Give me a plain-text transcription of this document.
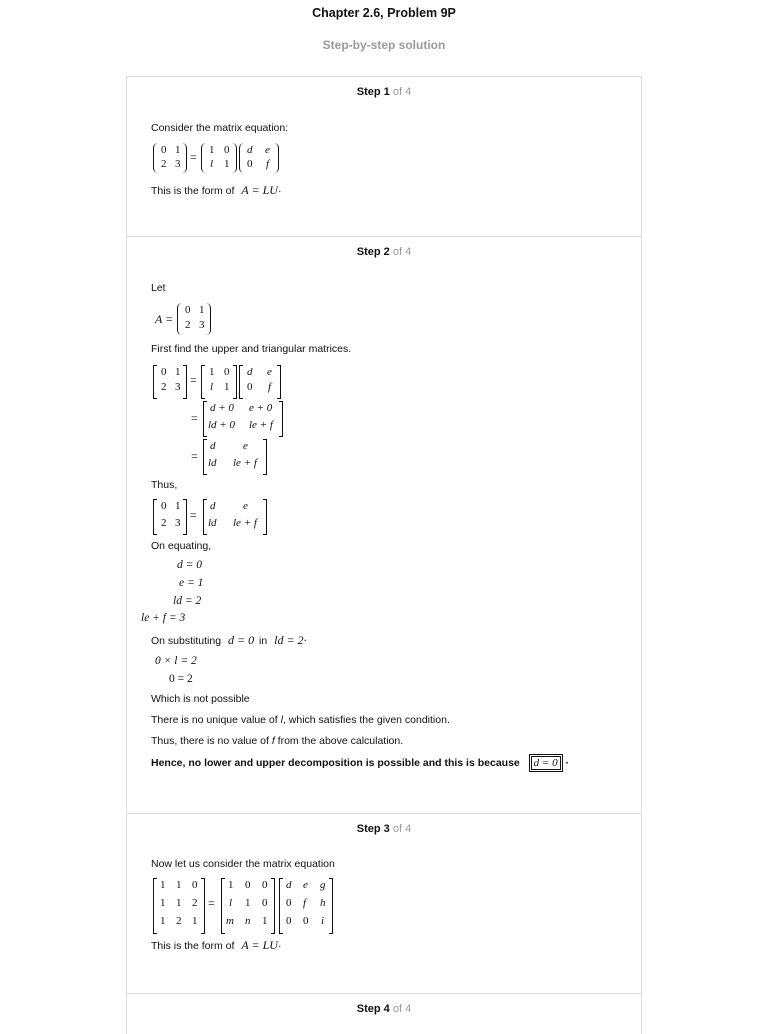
Chapter 2.6, Problem 9P
Step-by-step solution
Step 1 of 4
Consider the matrix equation:
0 1
2 3 = 1 0
l 1
d e
0 f
This is the form of A = LU·
Step 2 of 4
Let
A =
0 1
2 3
First find the upper and triangular matrices.
0 1
2 3 =
1 0
l 1
d e
0 f
=
d + 0 e + 0
ld + 0 le + f
=
d	e
ld le + f
Thus,
0 1
2 3
=
d	e
ld le + f
On equating,
d = 0
e = 1
ld = 2
le + f = 3
On substituting d = 0 in ld = 2·
0 × l = 2
0 = 2
Which is not possible
There is no unique value of l, which satisfies the given condition.
Thus, there is no value of f from the above calculation.
Hence, no lower and upper decomposition is possible and this is because d = 0 ·
Step 3 of 4
Now let us consider the matrix equation
1 1 0
1 1 2
1 2 1
=
1 0 0
l 1 0
m n 1
d e g
0 f h
0 0 i
This is the form of A = LU·
Step 4 of 4
